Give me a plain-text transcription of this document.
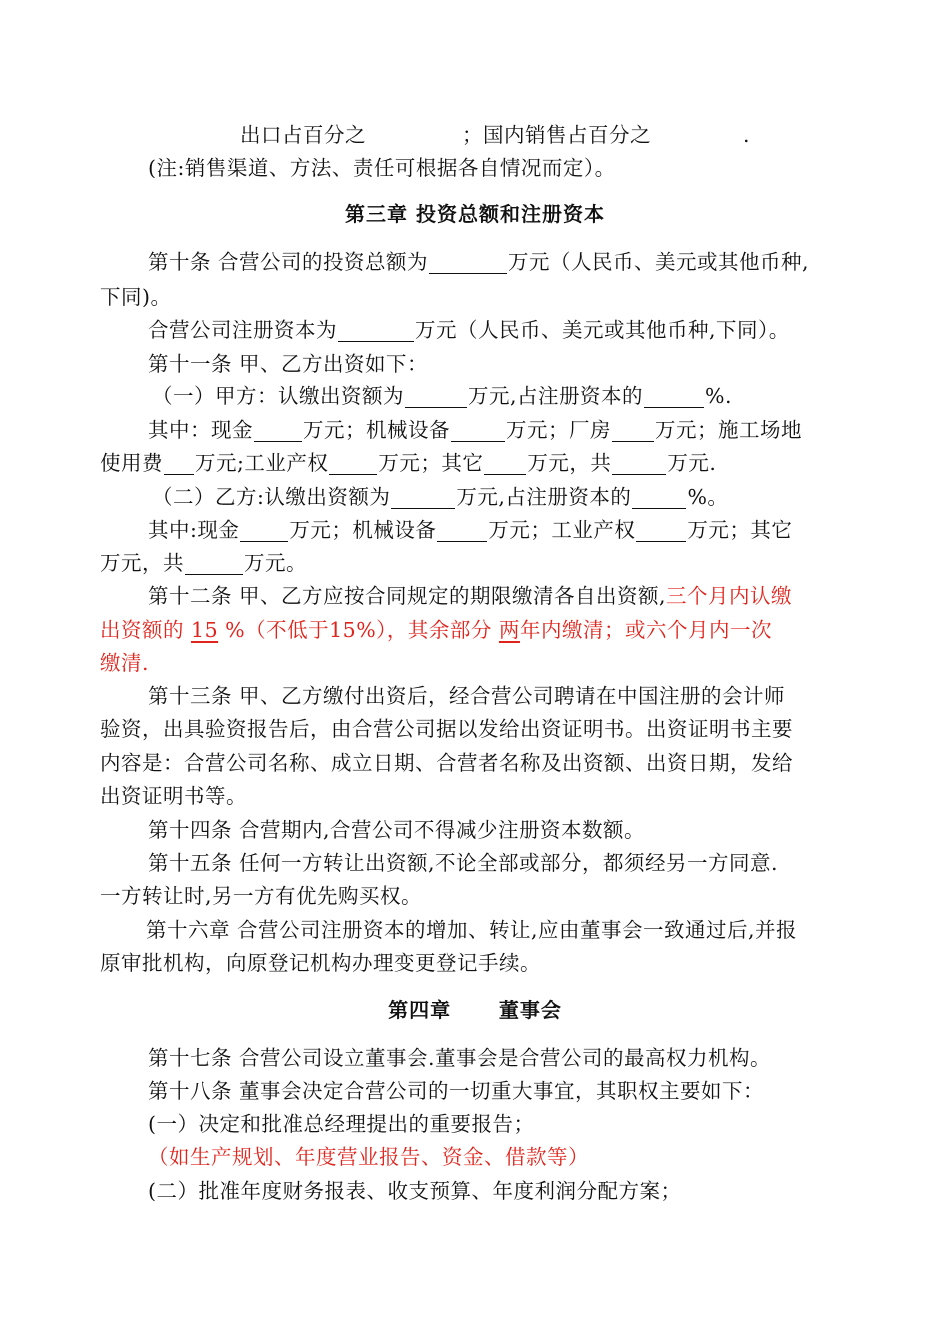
出口占百分之	；国内销售占百分之	.
(注:销售渠道、方法、责任可根据各自情况而定）。
第三章 投资总额和注册资本
第十条 合营公司的投资总额为	万元（人民币、美元或其他币种,
下同)。
合营公司注册资本为	万元（人民币、美元或其他币种,下同）。
第十一条 甲、乙方出资如下：
（一）甲方：认缴出资额为	万元,占注册资本的	%.
其中：现金 万元；机械设备	万元；厂房 万元；施工场地
使用费 万元;工业产权 万元；其它 万元，共	万元.
（二）乙方:认缴出资额为	万元,占注册资本的	%。
其中:现金 万元；机械设备	万元；工业产权	万元；其它
万元，共	万元。
第十二条 甲、乙方应按合同规定的期限缴清各自出资额,三个月内认缴
出资额的 15 %（不低于15%），其余部分 两年内缴清；或六个月内一次
缴清.
第十三条 甲、乙方缴付出资后，经合营公司聘请在中国注册的会计师
验资，出具验资报告后，由合营公司据以发给出资证明书。出资证明书主要
内容是：合营公司名称、成立日期、合营者名称及出资额、出资日期，发给
出资证明书等。
第十四条 合营期内,合营公司不得减少注册资本数额。
第十五条 任何一方转让出资额,不论全部或部分，都须经另一方同意.
一方转让时,另一方有优先购买权。
第十六章 合营公司注册资本的增加、转让,应由董事会一致通过后,并报
原审批机构，向原登记机构办理变更登记手续。
第四章      董事会
第十七条 合营公司设立董事会.董事会是合营公司的最高权力机构。
第十八条 董事会决定合营公司的一切重大事宜，其职权主要如下：
(一）决定和批准总经理提出的重要报告；
（如生产规划、年度营业报告、资金、借款等）
(二）批准年度财务报表、收支预算、年度利润分配方案；
